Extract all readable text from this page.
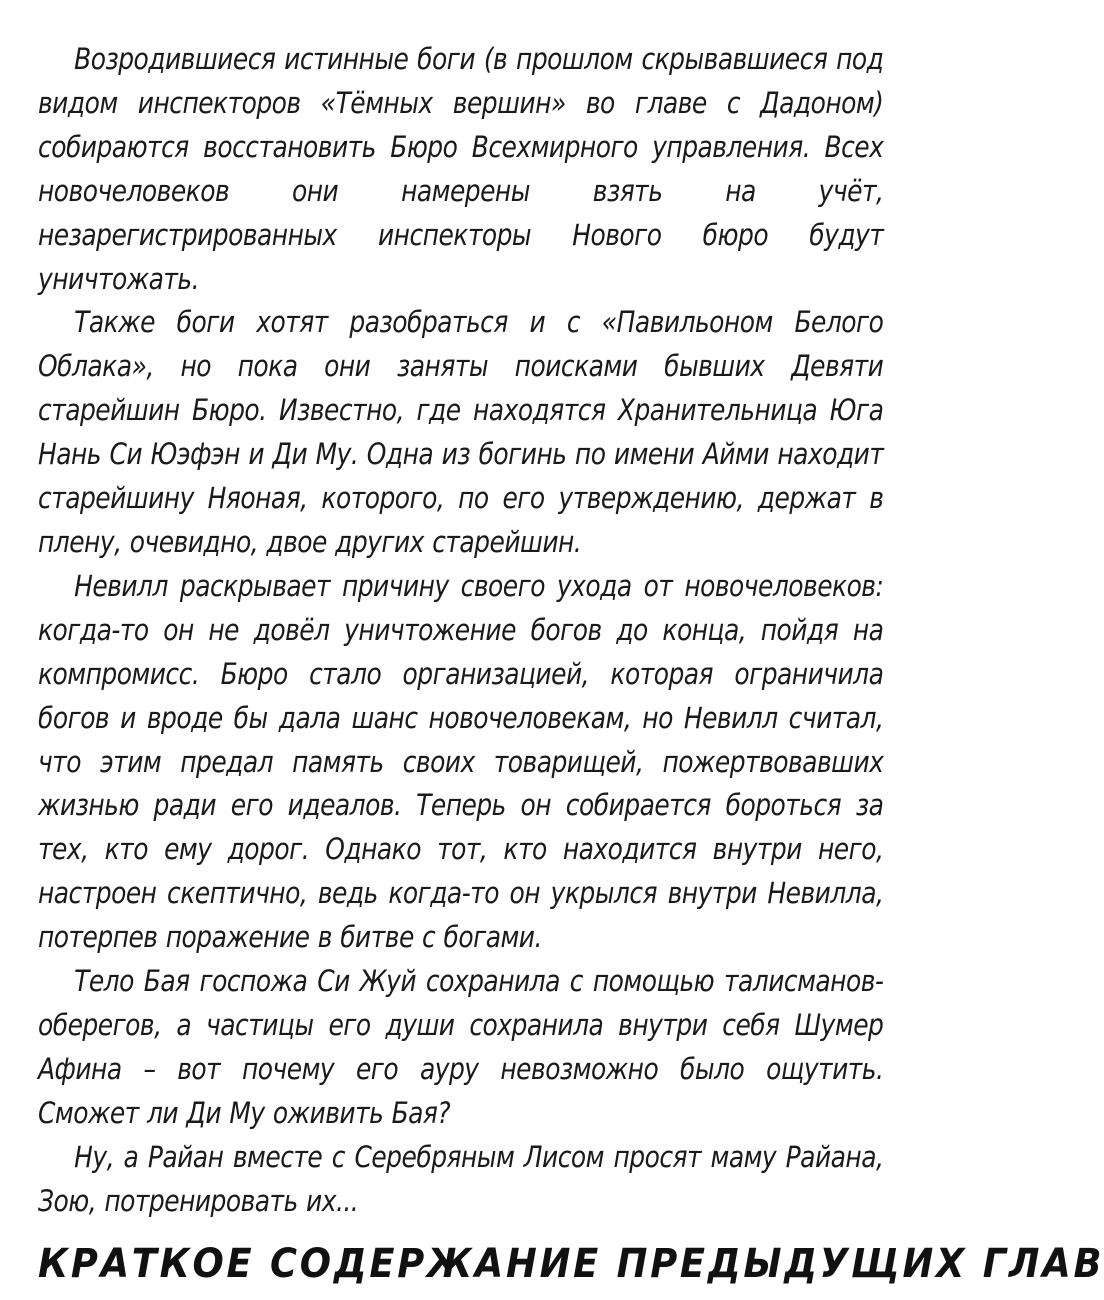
Возродившиеся истинные боги (в прошлом скрывавшиеся под видом инспекторов «Тёмных вершин» во главе с Дадоном) собираются восстановить Бюро Всехмирного управления. Всех новочеловеков они намерены взять на учёт, незарегистрированных инспекторы Нового бюро будут уничтожать.

Также боги хотят разобраться и с «Павильоном Белого Облака», но пока они заняты поисками бывших Девяти старейшин Бюро. Известно, где находятся Хранительница Юга Нань Си Юэфэн и Ди Му. Одна из богинь по имени Айми находит старейшину Няоная, которого, по его утверждению, держат в плену, очевидно, двое других старейшин.

Невилл раскрывает причину своего ухода от новочеловеков: когда-то он не довёл уничтожение богов до конца, пойдя на компромисс. Бюро стало организацией, которая ограничила богов и вроде бы дала шанс новочеловекам, но Невилл считал, что этим предал память своих товарищей, пожертвовавших жизнью ради его идеалов. Теперь он собирается бороться за тех, кто ему дорог. Однако тот, кто находится внутри него, настроен скептично, ведь когда-то он укрылся внутри Невилла, потерпев поражение в битве с богами.

Тело Бая госпожа Си Жуй сохранила с помощью талисманов-оберегов, а частицы его души сохранила внутри себя Шумер Афина – вот почему его ауру невозможно было ощутить. Сможет ли Ди Му оживить Бая?

Ну, а Райан вместе с Серебряным Лисом просят маму Райана, Зою, потренировать их...

КРАТКОЕ СОДЕРЖАНИЕ ПРЕДЫДУЩИХ ГЛАВ
